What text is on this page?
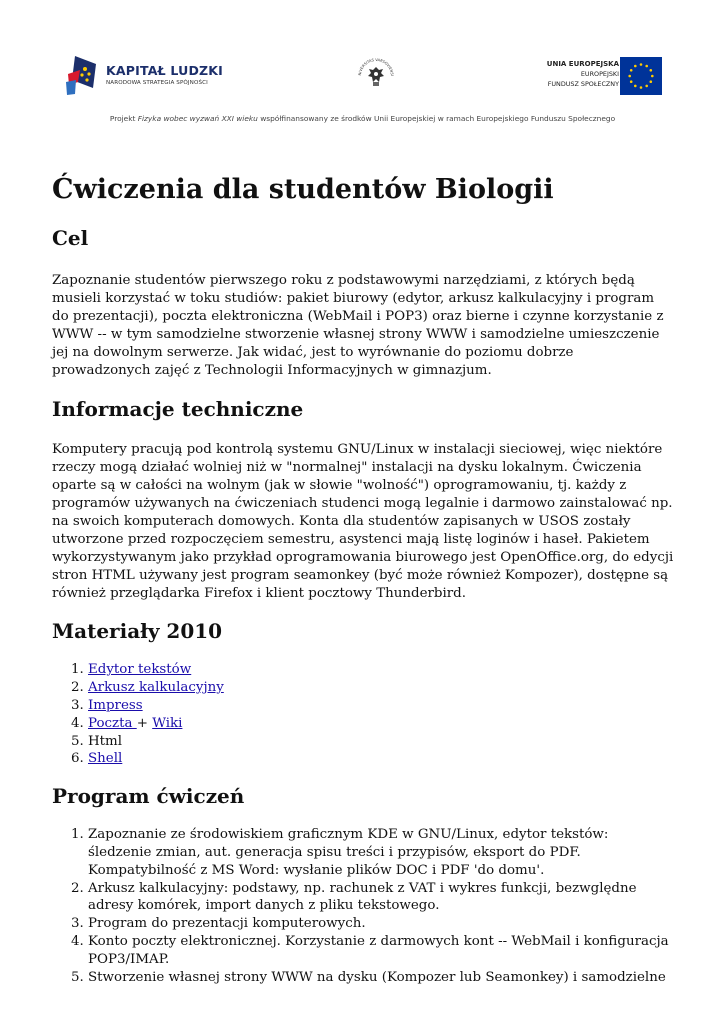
KAPITAŁ LUDZKI
NARODOWA STRATEGIA SPÓJNOŚCI
NIVERSITAS VARSOVIENSI
UNIA EUROPEJSKA
EUROPEJSKI
FUNDUSZ SPOŁECZNY
Projekt Fizyka wobec wyzwań XXI wieku współfinansowany ze środków Unii Europejskiej w ramach Europejskiego Funduszu Społecznego
Ćwiczenia dla studentów Biologii
Cel

Zapoznanie studentów pierwszego roku z podstawowymi narzędziami, z których będą musieli korzystać w toku studiów: pakiet biurowy (edytor, arkusz kalkulacyjny i program do prezentacji), poczta elektroniczna (WebMail i POP3) oraz bierne i czynne korzystanie z WWW -- w tym samodzielne stworzenie własnej strony WWW i samodzielne umieszczenie jej na dowolnym serwerze. Jak widać, jest to wyrównanie do poziomu dobrze prowadzonych zajęć z Technologii Informacyjnych w gimnazjum.

Informacje techniczne

Komputery pracują pod kontrolą systemu GNU/Linux w instalacji sieciowej, więc niektóre rzeczy mogą działać wolniej niż w "normalnej" instalacji na dysku lokalnym. Ćwiczenia oparte są w całości na wolnym (jak w słowie "wolność") oprogramowaniu, tj. każdy z programów używanych na ćwiczeniach studenci mogą legalnie i darmowo zainstalować np. na swoich komputerach domowych. Konta dla studentów zapisanych w USOS zostały utworzone przed rozpoczęciem semestru, asystenci mają listę loginów i haseł. Pakietem wykorzystywanym jako przykład oprogramowania biurowego jest OpenOffice.org, do edycji stron HTML używany jest program seamonkey (być może również Kompozer), dostępne są również przeglądarka Firefox i klient pocztowy Thunderbird.

Materiały 2010
1. Edytor tekstów
2. Arkusz kalkulacyjny
3. Impress
4. Poczta + Wiki
5. Html
6. Shell
Program ćwiczeń
1. Zapoznanie ze środowiskiem graficznym KDE w GNU/Linux, edytor tekstów: śledzenie zmian, aut. generacja spisu treści i przypisów, eksport do PDF. Kompatybilność z MS Word: wysłanie plików DOC i PDF 'do domu'.
2. Arkusz kalkulacyjny: podstawy, np. rachunek z VAT i wykres funkcji, bezwględne adresy komórek, import danych z pliku tekstowego.
3. Program do prezentacji komputerowych.
4. Konto poczty elektronicznej. Korzystanie z darmowych kont -- WebMail i konfiguracja POP3/IMAP.
5. Stworzenie własnej strony WWW na dysku (Kompozer lub Seamonkey) i samodzielne
